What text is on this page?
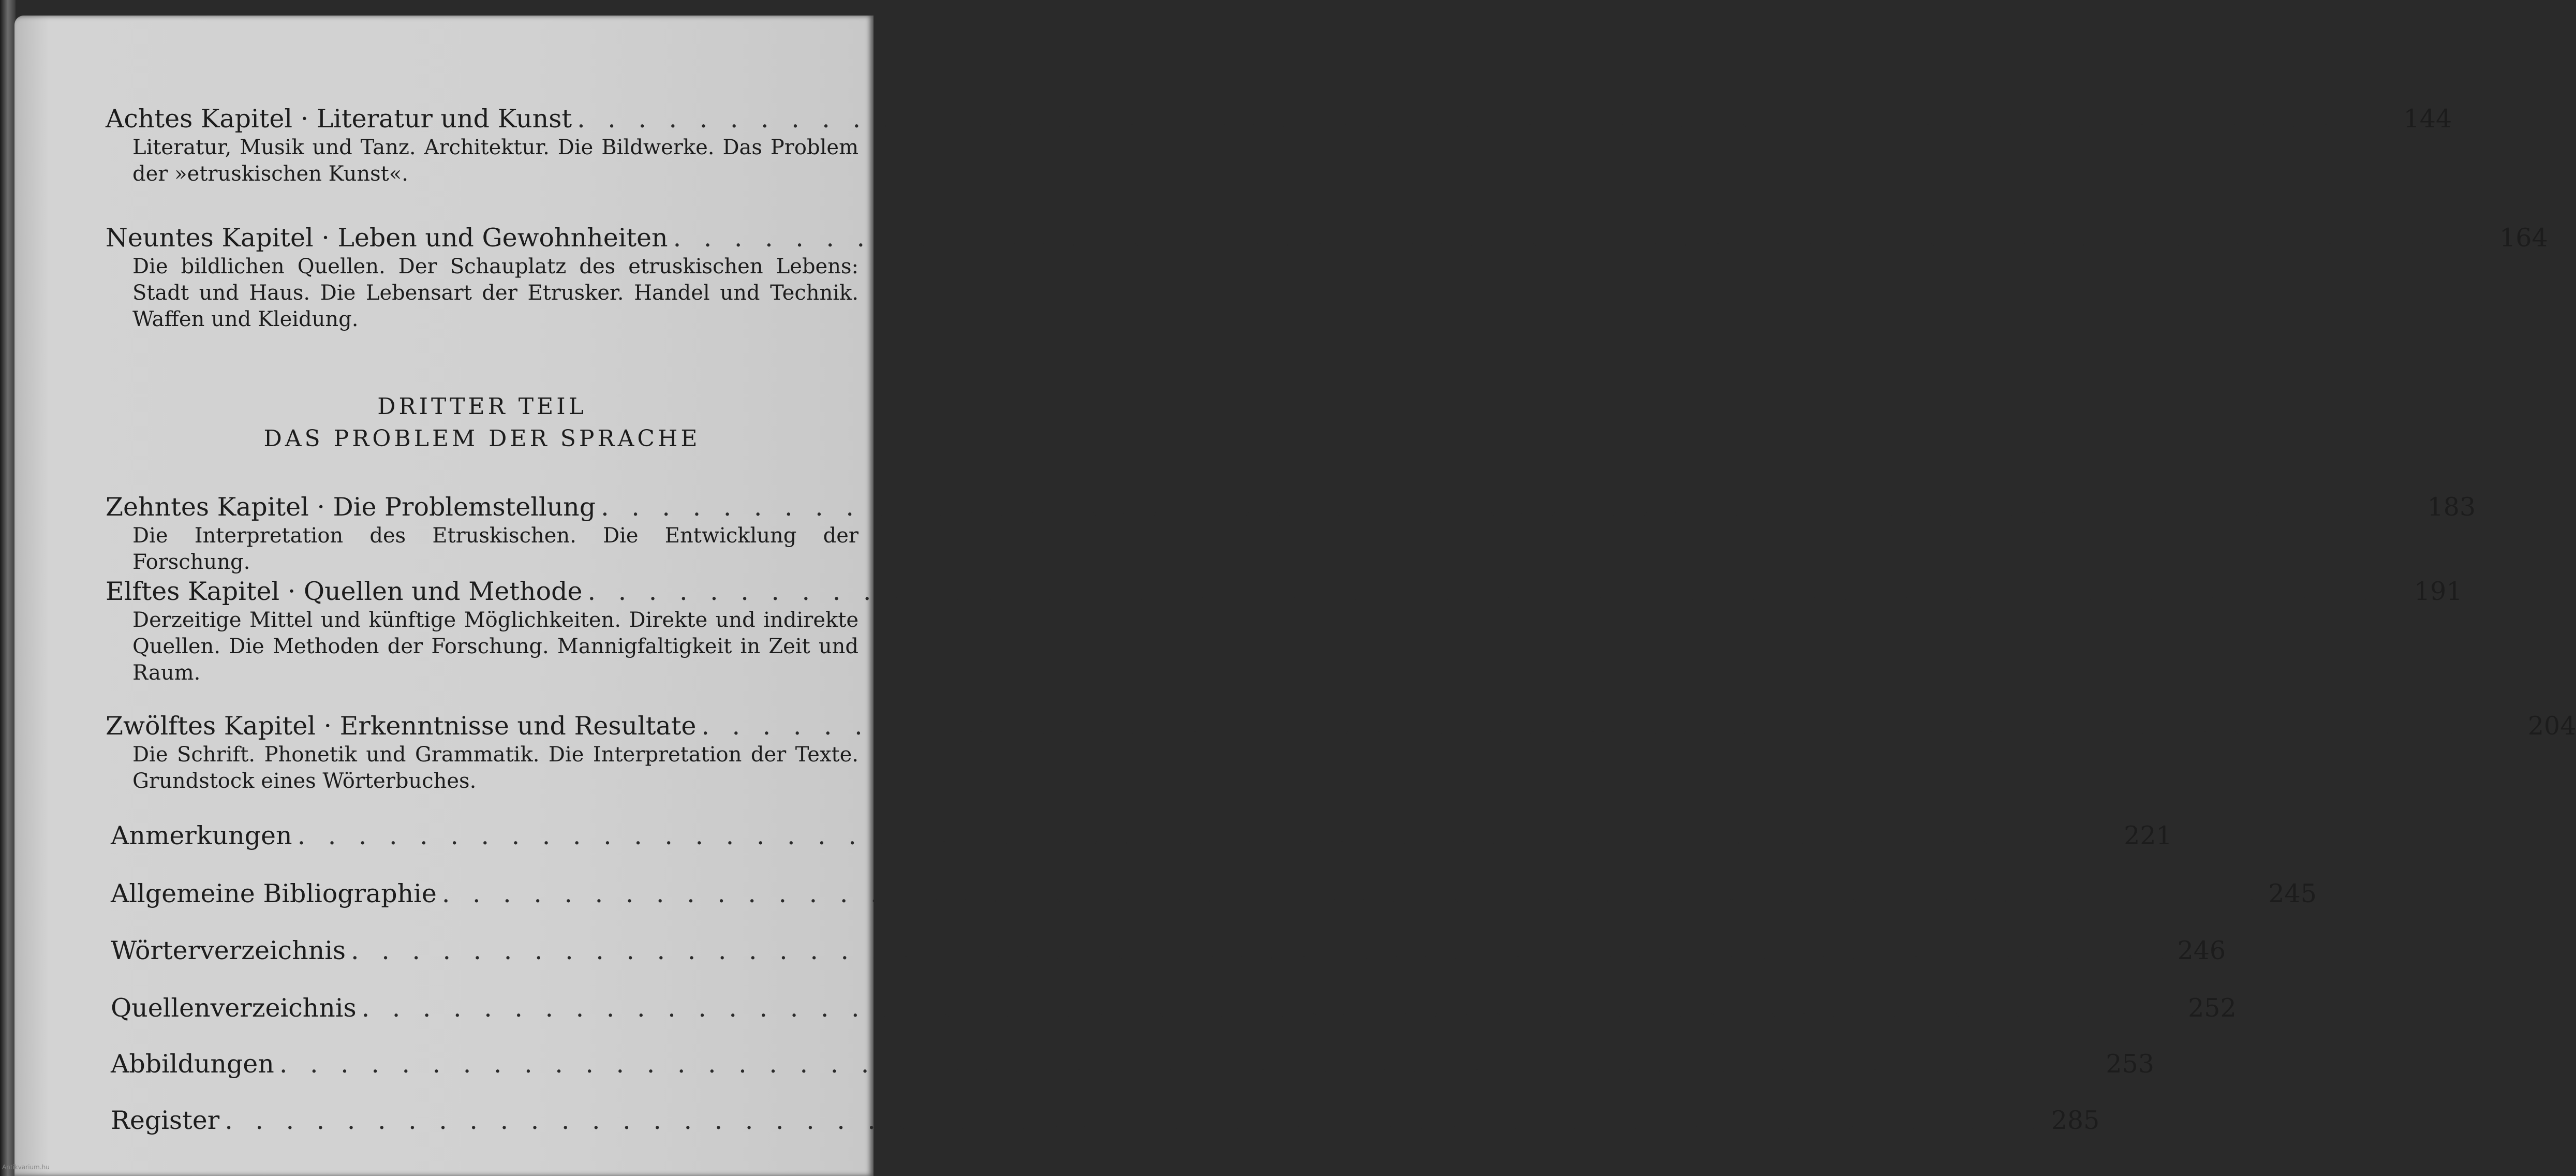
Achtes Kapitel · Literatur und Kunst . . . . . . . . . . . . . . . . . . . . . . . . . . . . . . . . . . . . . . . . . . . . . . . . . . . . . . . . . . . . 144
Literatur, Musik und Tanz. Architektur. Die Bildwerke. Das Problem der »etruskischen Kunst«.
Neuntes Kapitel · Leben und Gewohnheiten . . . . . . . . . . . . . . . . . . . . . . . . . . . . . . . . . . . . . . . . . . . . . . . . . . . . . . . . . . . . 164
Die bildlichen Quellen. Der Schauplatz des etruskischen Lebens: Stadt und Haus. Die Lebensart der Etrusker. Handel und Technik. Waffen und Kleidung.
DRITTER TEIL
DAS PROBLEM DER SPRACHE
Zehntes Kapitel · Die Problemstellung . . . . . . . . . . . . . . . . . . . . . . . . . . . . . . . . . . . . . . . . . . . . . . . . . . . . . . . . . . . . 183
Die Interpretation des Etruskischen. Die Entwicklung der Forschung.
Elftes Kapitel · Quellen und Methode . . . . . . . . . . . . . . . . . . . . . . . . . . . . . . . . . . . . . . . . . . . . . . . . . . . . . . . . . . . . 191
Derzeitige Mittel und künftige Möglichkeiten. Direkte und indirekte Quellen. Die Methoden der Forschung. Mannigfaltigkeit in Zeit und Raum.
Zwölftes Kapitel · Erkenntnisse und Resultate . . . . . . . . . . . . . . . . . . . . . . . . . . . . . . . . . . . . . . . . . . . . . . . . . . . . . . . . . . . . 204
Die Schrift. Phonetik und Grammatik. Die Interpretation der Texte. Grundstock eines Wörterbuches.
Anmerkungen . . . . . . . . . . . . . . . . . . . . . . . . . . . . . . . . . . . . . . . . . . . . . . . . . . . . . . . . . . . . 221
Allgemeine Bibliographie . . . . . . . . . . . . . . . . . . . . . . . . . . . . . . . . . . . . . . . . . . . . . . . . . . . . . . . . . . . . 245
Wörterverzeichnis . . . . . . . . . . . . . . . . . . . . . . . . . . . . . . . . . . . . . . . . . . . . . . . . . . . . . . . . . . . . 246
Quellenverzeichnis . . . . . . . . . . . . . . . . . . . . . . . . . . . . . . . . . . . . . . . . . . . . . . . . . . . . . . . . . . . . 252
Abbildungen . . . . . . . . . . . . . . . . . . . . . . . . . . . . . . . . . . . . . . . . . . . . . . . . . . . . . . . . . . . . 253
Register . . . . . . . . . . . . . . . . . . . . . . . . . . . . . . . . . . . . . . . . . . . . . . . . . . . . . . . . . . . . 285
Antikvarium.hu
